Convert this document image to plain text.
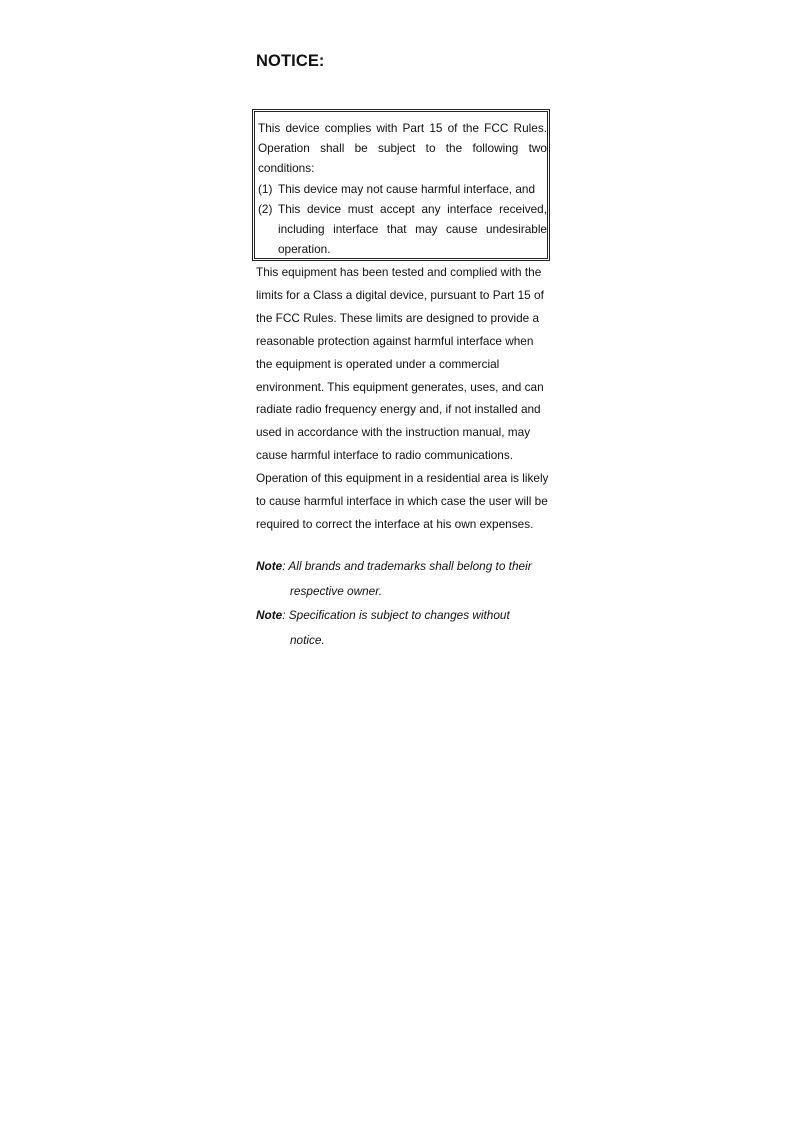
NOTICE:

This device complies with Part 15 of the FCC Rules. Operation shall be subject to the following two conditions:

(1) This device may not cause harmful interface, and
(2) This device must accept any interface received, including interface that may cause undesirable operation.

This equipment has been tested and complied with the limits for a Class a digital device, pursuant to Part 15 of the FCC Rules. These limits are designed to provide a reasonable protection against harmful interface when the equipment is operated under a commercial environment. This equipment generates, uses, and can radiate radio frequency energy and, if not installed and used in accordance with the instruction manual, may cause harmful interface to radio communications. Operation of this equipment in a residential area is likely to cause harmful interface in which case the user will be required to correct the interface at his own expenses.

Note: All brands and trademarks shall belong to their
respective owner.

Note: Specification is subject to changes without
notice.
